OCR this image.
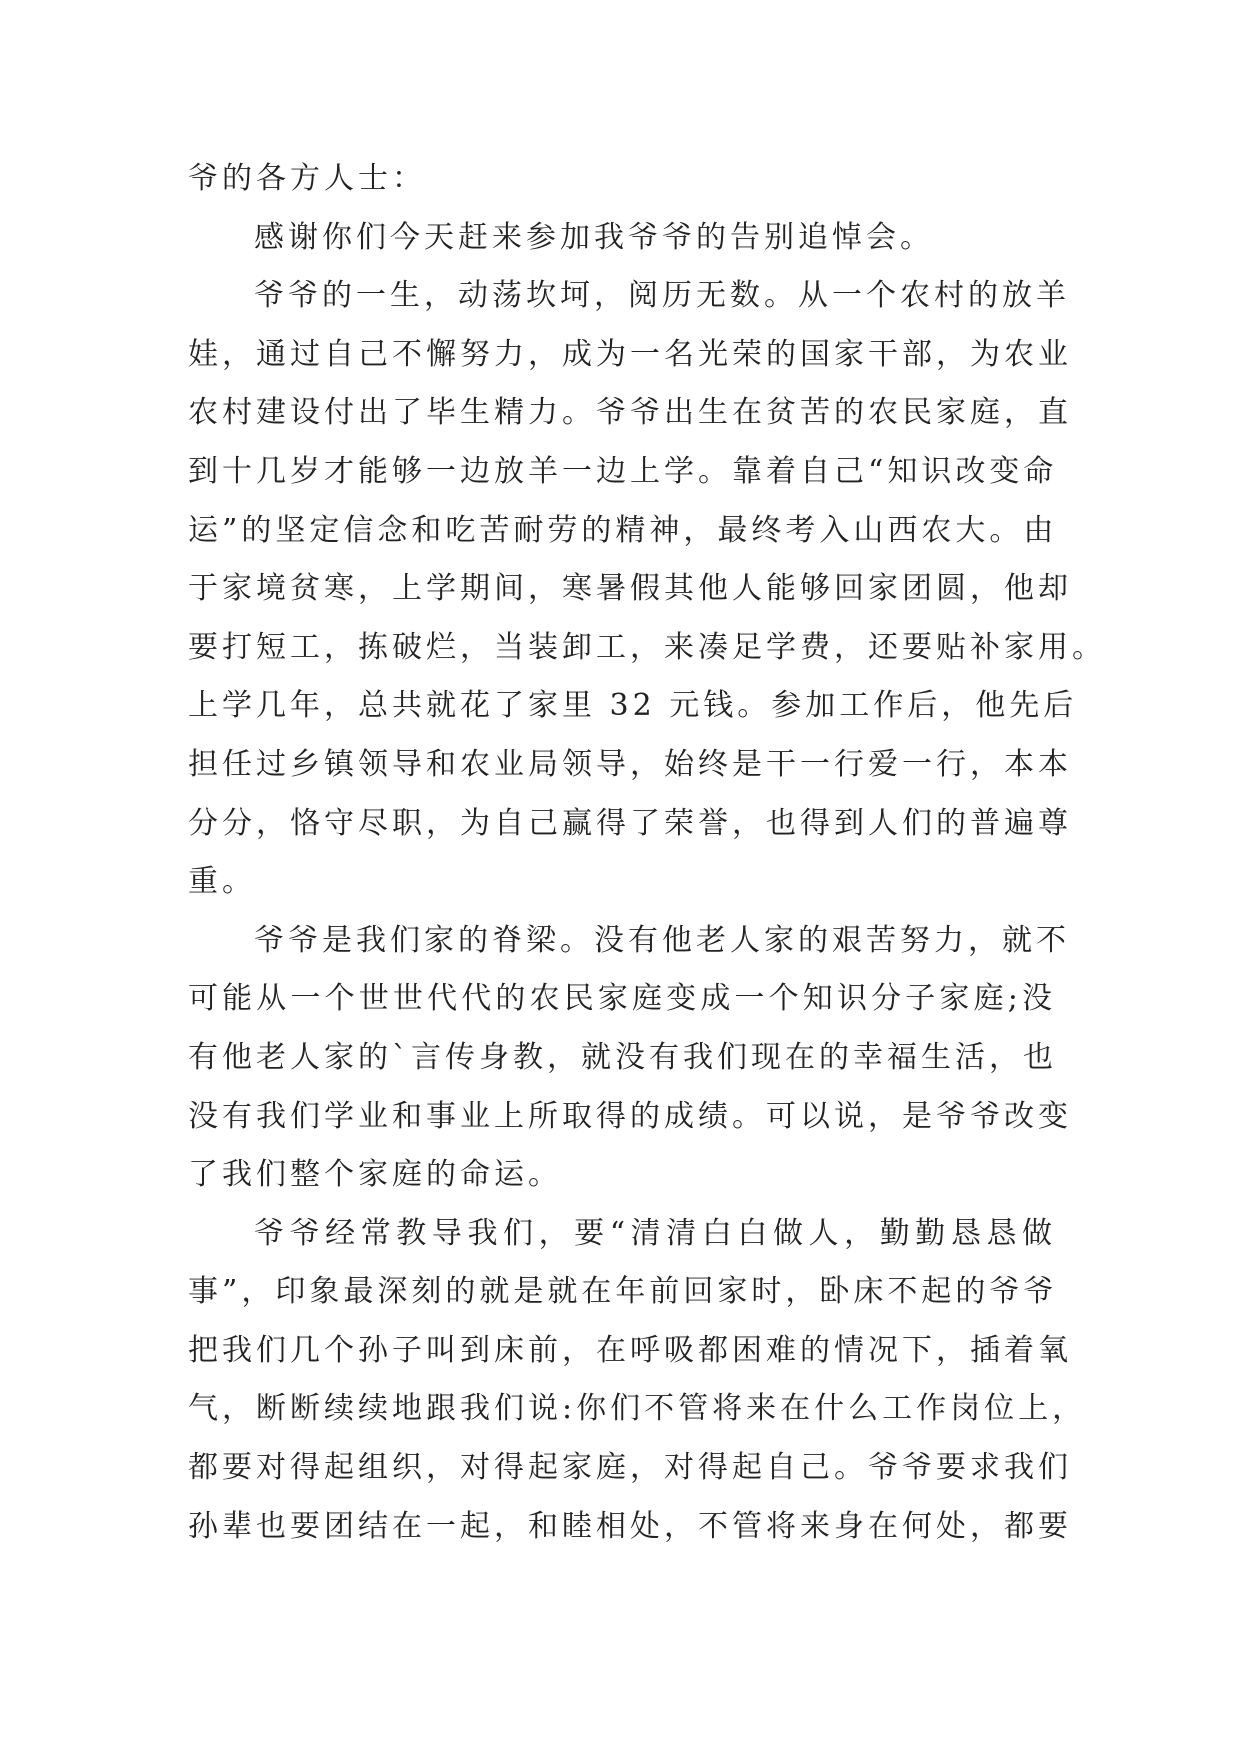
爷的各方人士：
感谢你们今天赶来参加我爷爷的告别追悼会。
爷爷的一生，动荡坎坷，阅历无数。从一个农村的放羊
娃，通过自己不懈努力，成为一名光荣的国家干部，为农业
农村建设付出了毕生精力。爷爷出生在贫苦的农民家庭，直
到十几岁才能够一边放羊一边上学。靠着自己“知识改变命
运”的坚定信念和吃苦耐劳的精神，最终考入山西农大。由
于家境贫寒，上学期间，寒暑假其他人能够回家团圆，他却
要打短工，拣破烂，当装卸工，来凑足学费，还要贴补家用。
上学几年，总共就花了家里 32 元钱。参加工作后，他先后
担任过乡镇领导和农业局领导，始终是干一行爱一行，本本
分分，恪守尽职，为自己赢得了荣誉，也得到人们的普遍尊
重。
爷爷是我们家的脊梁。没有他老人家的艰苦努力，就不
可能从一个世世代代的农民家庭变成一个知识分子家庭;没
有他老人家的`言传身教，就没有我们现在的幸福生活，也
没有我们学业和事业上所取得的成绩。可以说，是爷爷改变
了我们整个家庭的命运。
爷爷经常教导我们，要“清清白白做人，勤勤恳恳做
事”，印象最深刻的就是就在年前回家时，卧床不起的爷爷
把我们几个孙子叫到床前，在呼吸都困难的情况下，插着氧
气，断断续续地跟我们说:你们不管将来在什么工作岗位上，
都要对得起组织，对得起家庭，对得起自己。爷爷要求我们
孙辈也要团结在一起，和睦相处，不管将来身在何处，都要
